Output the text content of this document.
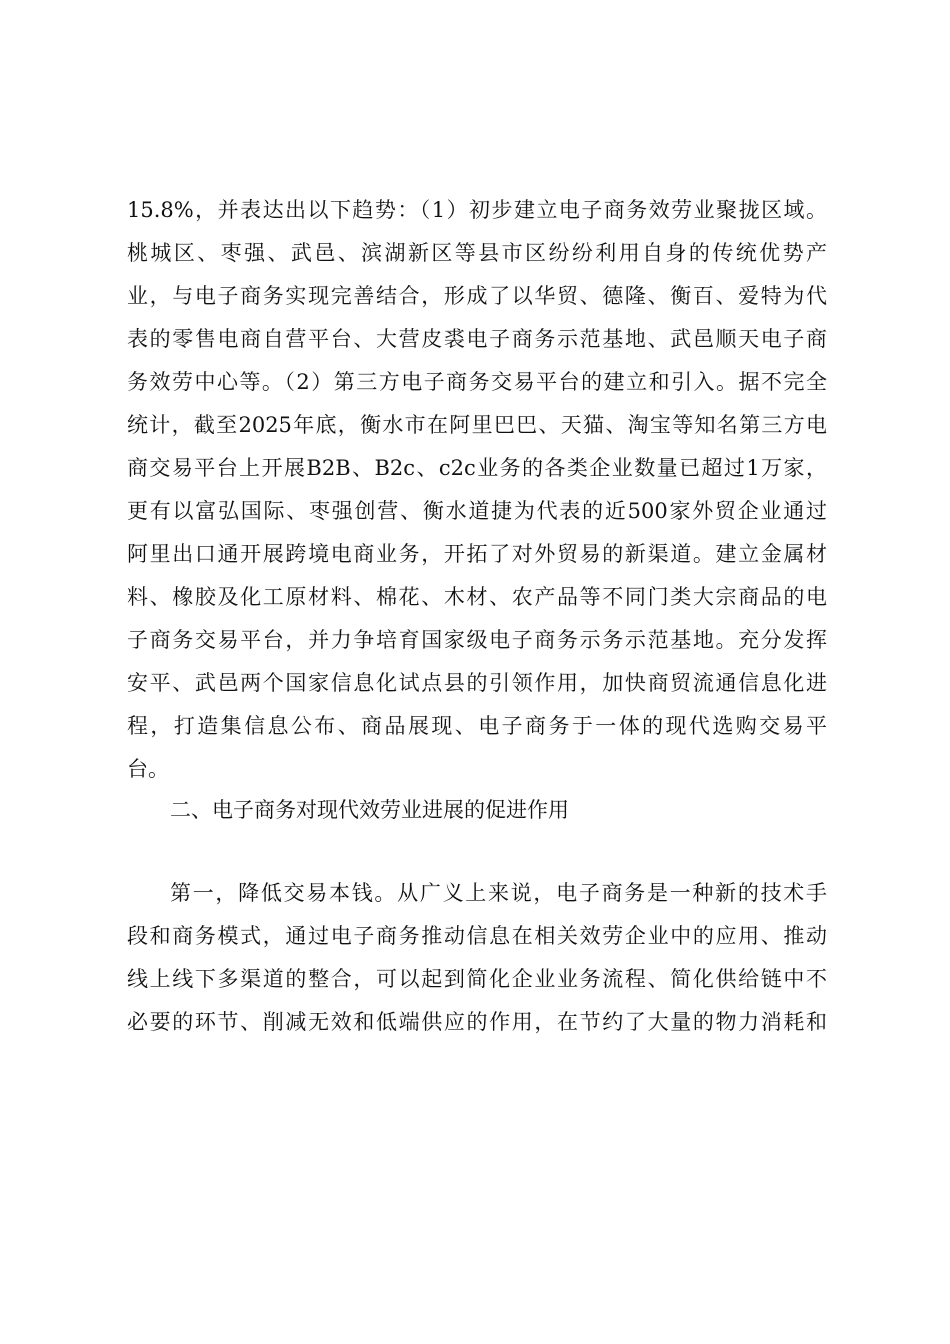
15.8%，并表达出以下趋势：（1）初步建立电子商务效劳业聚拢区域。
桃城区、枣强、武邑、滨湖新区等县市区纷纷利用自身的传统优势产
业，与电子商务实现完善结合，形成了以华贸、德隆、衡百、爱特为代
表的零售电商自营平台、大营皮裘电子商务示范基地、武邑顺天电子商
务效劳中心等。（2）第三方电子商务交易平台的建立和引入。据不完全
统计，截至2025年底，衡水市在阿里巴巴、天猫、淘宝等知名第三方电
商交易平台上开展B2B、B2c、c2c业务的各类企业数量已超过1万家，
更有以富弘国际、枣强创营、衡水道捷为代表的近500家外贸企业通过
阿里出口通开展跨境电商业务，开拓了对外贸易的新渠道。建立金属材
料、橡胶及化工原材料、棉花、木材、农产品等不同门类大宗商品的电
子商务交易平台，并力争培育国家级电子商务示务示范基地。充分发挥
安平、武邑两个国家信息化试点县的引领作用，加快商贸流通信息化进
程，打造集信息公布、商品展现、电子商务于一体的现代选购交易平
台。
二、电子商务对现代效劳业进展的促进作用
第一，降低交易本钱。从广义上来说，电子商务是一种新的技术手
段和商务模式，通过电子商务推动信息在相关效劳企业中的应用、推动
线上线下多渠道的整合，可以起到简化企业业务流程、简化供给链中不
必要的环节、削减无效和低端供应的作用，在节约了大量的物力消耗和
